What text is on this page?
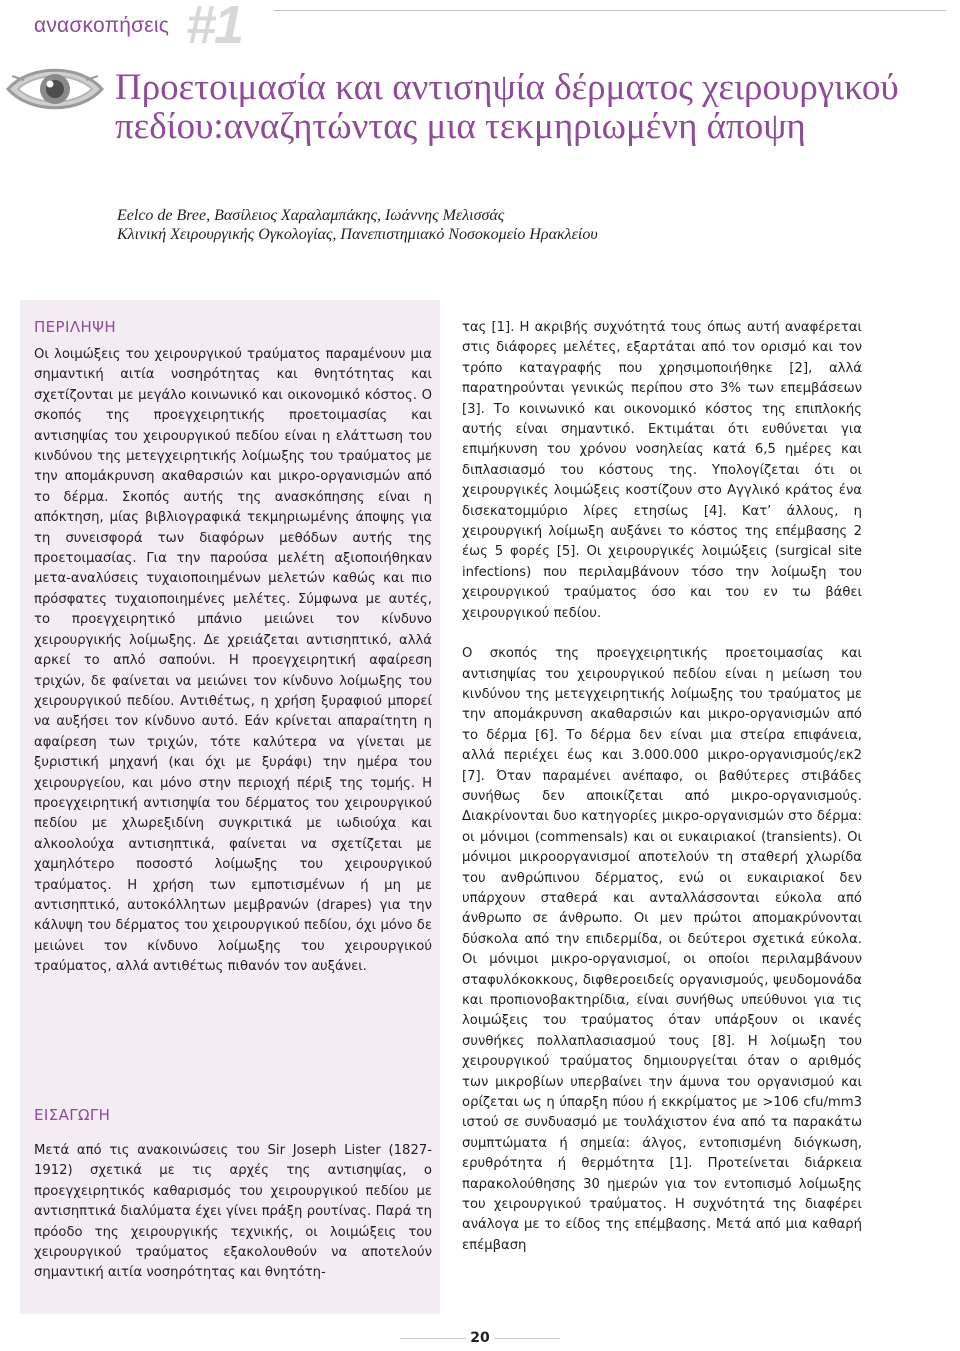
ανασκοπήσεις #1
Προετοιμασία και αντισηψία δέρματος χειρουργικού πεδίου:αναζητώντας μια τεκμηριωμένη άποψη
Eelco de Bree, Βασίλειος Χαραλαμπάκης, Ιωάννης Μελισσάς
Κλινική Χειρουργικής Ογκολογίας, Πανεπιστημιακό Νοσοκομείο Ηρακλείου
ΠΕΡΙΛΗΨΗ

Οι λοιμώξεις του χειρουργικού τραύματος παραμένουν μια σημαντική αιτία νοσηρότητας και θνητότητας και σχετίζονται με μεγάλο κοινωνικό και οικονομικό κόστος. Ο σκοπός της προεγχειρητικής προετοιμασίας και αντισηψίας του χειρουργικού πεδίου είναι η ελάττωση του κινδύνου της μετεγχειρητικής λοίμωξης του τραύματος με την απομάκρυνση ακαθαρσιών και μικρο-οργανισμών από το δέρμα. Σκοπός αυτής της ανασκόπησης είναι η απόκτηση, μίας βιβλιογραφικά τεκμηριωμένης άποψης για τη συνεισφορά των διαφόρων μεθόδων αυτής της προετοιμασίας. Για την παρούσα μελέτη αξιοποιήθηκαν μετα-αναλύσεις τυχαιοποιημένων μελετών καθώς και πιο πρόσφατες τυχαιοποιημένες μελέτες. Σύμφωνα με αυτές, το προεγχειρητικό μπάνιο μειώνει τον κίνδυνο χειρουργικής λοίμωξης. Δε χρειάζεται αντισηπτικό, αλλά αρκεί το απλό σαπούνι. Η προεγχειρητική αφαίρεση τριχών, δε φαίνεται να μειώνει τον κίνδυνο λοίμωξης του χειρουργικού πεδίου. Αντιθέτως, η χρήση ξυραφιού μπορεί να αυξήσει τον κίνδυνο αυτό. Εάν κρίνεται απαραίτητη η αφαίρεση των τριχών, τότε καλύτερα να γίνεται με ξυριστική μηχανή (και όχι με ξυράφι) την ημέρα του χειρουργείου, και μόνο στην περιοχή πέριξ της τομής. Η προεγχειρητική αντισηψία του δέρματος του χειρουργικού πεδίου με χλωρεξιδίνη συγκριτικά με ιωδιούχα και αλκοολούχα αντισηπτικά, φαίνεται να σχετίζεται με χαμηλότερο ποσοστό λοίμωξης του χειρουργικού τραύματος. Η χρήση των εμποτισμένων ή μη με αντισηπτικό, αυτοκόλλητων μεμβρανών (drapes) για την κάλυψη του δέρματος του χειρουργικού πεδίου, όχι μόνο δε μειώνει τον κίνδυνο λοίμωξης του χειρουργικού τραύματος, αλλά αντιθέτως πιθανόν τον αυξάνει.

ΕΙΣΑΓΩΓΗ

Μετά από τις ανακοινώσεις του Sir Joseph Lister (1827-1912) σχετικά με τις αρχές της αντισηψίας, ο προεγχειρητικός καθαρισμός του χειρουργικού πεδίου με αντισηπτικά διαλύματα έχει γίνει πράξη ρουτίνας. Παρά τη πρόοδο της χειρουργικής τεχνικής, οι λοιμώξεις του χειρουργικού τραύματος εξακολουθούν να αποτελούν σημαντική αιτία νοσηρότητας και θνητότη-

τας [1]. Η ακριβής συχνότητά τους όπως αυτή αναφέρεται στις διάφορες μελέτες, εξαρτάται από τον ορισμό και τον τρόπο καταγραφής που χρησιμοποιήθηκε [2], αλλά παρατηρούνται γενικώς περίπου στο 3% των επεμβάσεων [3]. Το κοινωνικό και οικονομικό κόστος της επιπλοκής αυτής είναι σημαντικό. Εκτιμάται ότι ευθύνεται για επιμήκυνση του χρόνου νοσηλείας κατά 6,5 ημέρες και διπλασιασμό του κόστους της. Υπολογίζεται ότι οι χειρουργικές λοιμώξεις κοστίζουν στο Αγγλικό κράτος ένα δισεκατομμύριο λίρες ετησίως [4]. Κατ’ άλλους, η χειρουργική λοίμωξη αυξάνει το κόστος της επέμβασης 2 έως 5 φορές [5]. Οι χειρουργικές λοιμώξεις (surgical site infections) που περιλαμβάνουν τόσο την λοίμωξη του χειρουργικού τραύματος όσο και του εν τω βάθει χειρουργικού πεδίου.

Ο σκοπός της προεγχειρητικής προετοιμασίας και αντισηψίας του χειρουργικού πεδίου είναι η μείωση του κινδύνου της μετεγχειρητικής λοίμωξης του τραύματος με την απομάκρυνση ακαθαρσιών και μικρο-οργανισμών από το δέρμα [6]. Το δέρμα δεν είναι μια στείρα επιφάνεια, αλλά περιέχει έως και 3.000.000 μικρο-οργανισμούς/εκ2 [7]. Όταν παραμένει ανέπαφο, οι βαθύτερες στιβάδες συνήθως δεν αποικίζεται από μικρο-οργανισμούς. Διακρίνονται δυο κατηγορίες μικρο-οργανισμών στο δέρμα: οι μόνιμοι (commensals) και οι ευκαιριακοί (transients). Οι μόνιμοι μικροοργανισμοί αποτελούν τη σταθερή χλωρίδα του ανθρώπινου δέρματος, ενώ οι ευκαιριακοί δεν υπάρχουν σταθερά και ανταλλάσσονται εύκολα από άνθρωπο σε άνθρωπο. Οι μεν πρώτοι απομακρύνονται δύσκολα από την επιδερμίδα, οι δεύτεροι σχετικά εύκολα. Οι μόνιμοι μικρο-οργανισμοί, οι οποίοι περιλαμβάνουν σταφυλόκοκκους, διφθεροειδείς οργανισμούς, ψευδομονάδα και προπιονοβακτηρίδια, είναι συνήθως υπεύθυνοι για τις λοιμώξεις του τραύματος όταν υπάρξουν οι ικανές συνθήκες πολλαπλασιασμού τους [8]. Η λοίμωξη του χειρουργικού τραύματος δημιουργείται όταν ο αριθμός των μικροβίων υπερβαίνει την άμυνα του οργανισμού και ορίζεται ως η ύπαρξη πύου ή εκκρίματος με >106 cfu/mm3 ιστού σε συνδυασμό με τουλάχιστον ένα από τα παρακάτω συμπτώματα ή σημεία: άλγος, εντοπισμένη διόγκωση, ερυθρότητα ή θερμότητα [1]. Προτείνεται διάρκεια παρακολούθησης 30 ημερών για τον εντοπισμό λοίμωξης του χειρουργικού τραύματος. Η συχνότητά της διαφέρει ανάλογα με το είδος της επέμβασης. Μετά από μια καθαρή επέμβαση

20
